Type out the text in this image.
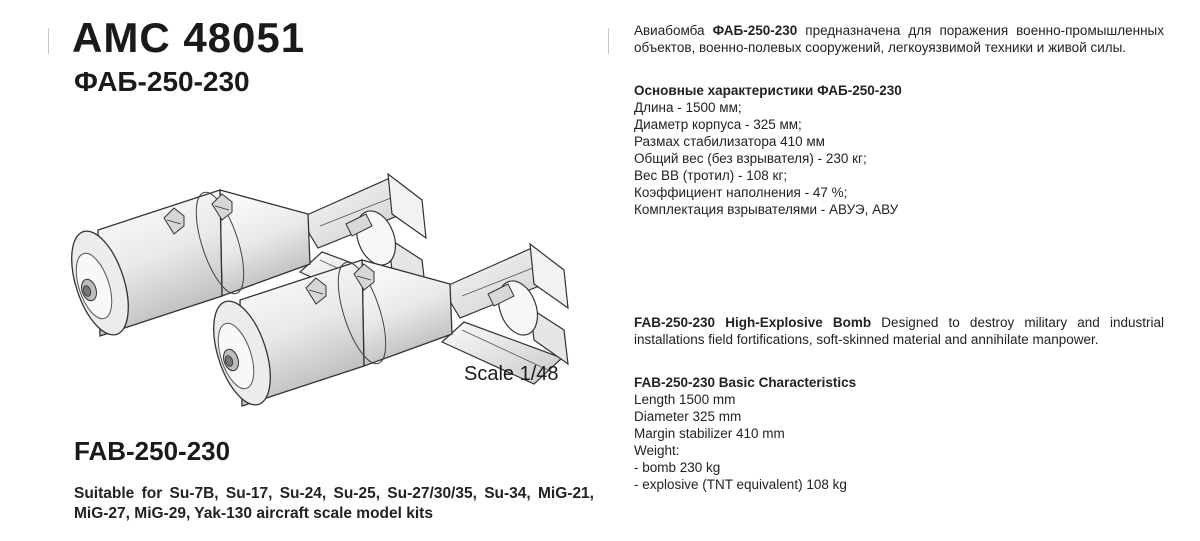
AMC 48051
ФАБ-250-230
Scale 1/48
FAB-250-230
Suitable for Su-7B, Su-17, Su-24, Su-25, Su-27/30/35, Su-34, MiG-21, MiG-27, MiG-29, Yak-130 aircraft scale model kits
Авиабомба ФАБ-250-230 предназначена для поражения военно-промышленных объектов, военно-полевых сооружений, легкоуязвимой техники и живой силы.
Основные характеристики ФАБ-250-230
Длина - 1500 мм;
Диаметр корпуса - 325 мм;
Размах стабилизатора 410 мм
Общий вес (без взрывателя) - 230 кг;
Вес ВВ (тротил) - 108 кг;
Коэффициент наполнения - 47 %;
Комплектация взрывателями - АВУЭ, АВУ
FAB-250-230 High-Explosive Bomb Designed to destroy military and industrial installations field fortifications, soft-skinned material and annihilate manpower.
FAB-250-230 Basic Characteristics
Length 1500 mm
Diameter 325 mm
Margin stabilizer 410 mm
Weight:
- bomb 230 kg
- explosive (TNT equivalent) 108 kg
